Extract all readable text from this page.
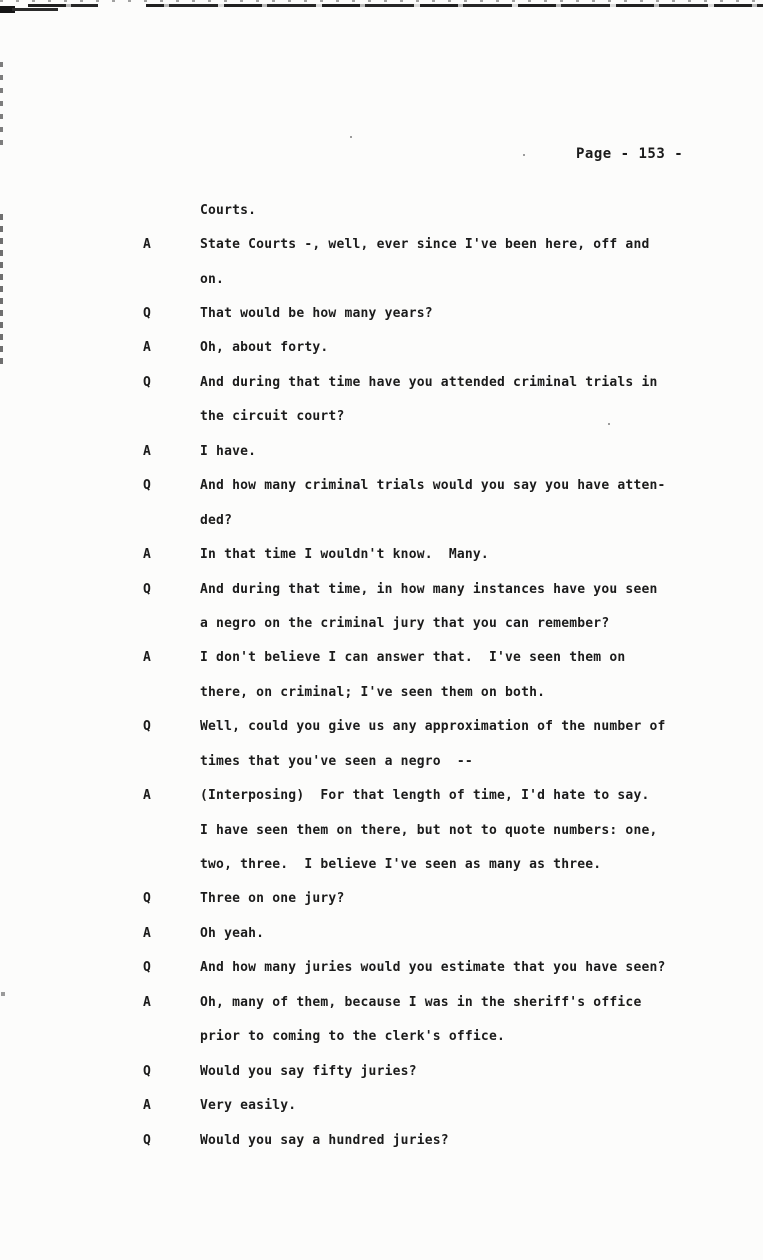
Page - 153 -
Courts.
A	State Courts -, well, ever since I've been here, off and
on.
Q	That would be how many years?
A	Oh, about forty.
Q	And during that time have you attended criminal trials in
the circuit court?
A	I have.
Q	And how many criminal trials would you say you have atten-
ded?
A	In that time I wouldn't know.  Many.
Q	And during that time, in how many instances have you seen
a negro on the criminal jury that you can remember?
A	I don't believe I can answer that.  I've seen them on
there, on criminal; I've seen them on both.
Q	Well, could you give us any approximation of the number of
times that you've seen a negro  --
A	(Interposing)  For that length of time, I'd hate to say.
I have seen them on there, but not to quote numbers: one,
two, three.  I believe I've seen as many as three.
Q	Three on one jury?
A	Oh yeah.
Q	And how many juries would you estimate that you have seen?
A	Oh, many of them, because I was in the sheriff's office
prior to coming to the clerk's office.
Q	Would you say fifty juries?
A	Very easily.
Q	Would you say a hundred juries?
